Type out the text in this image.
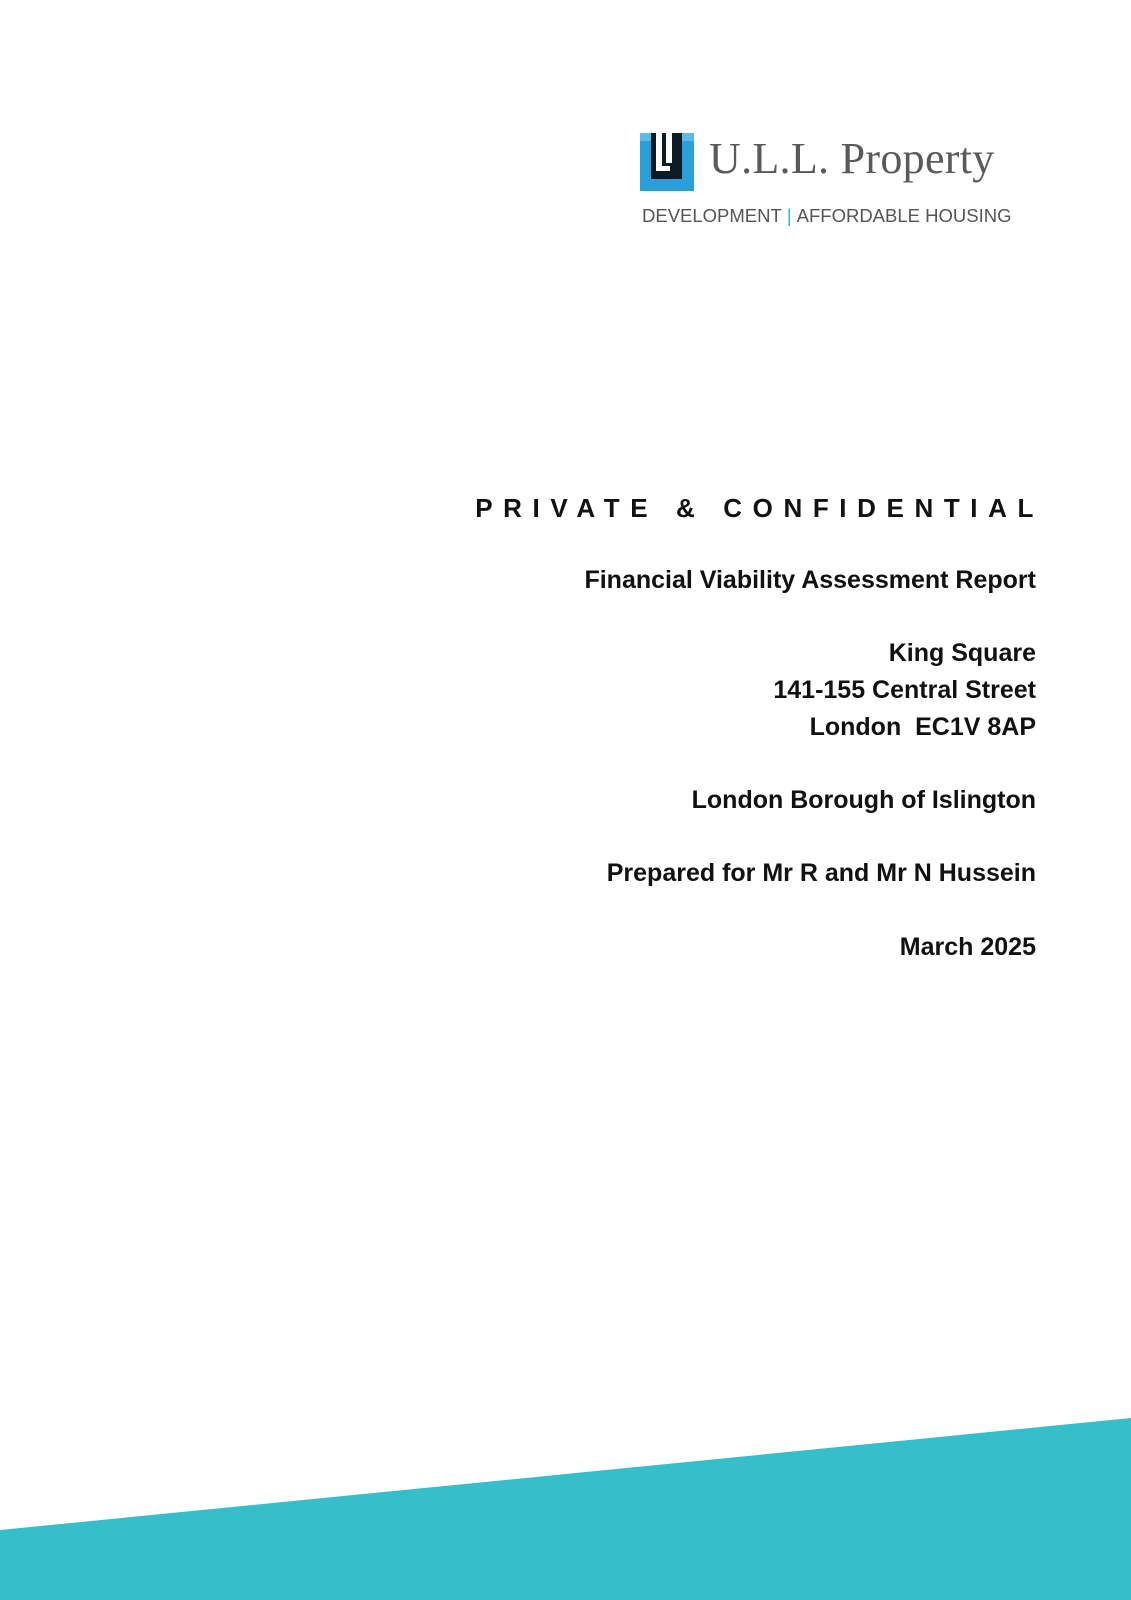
U.L.L. Property
DEVELOPMENT | AFFORDABLE HOUSING
PRIVATE & CONFIDENTIAL
Financial Viability Assessment Report
King Square
141-155 Central Street
London  EC1V 8AP
London Borough of Islington
Prepared for Mr R and Mr N Hussein
March 2025
